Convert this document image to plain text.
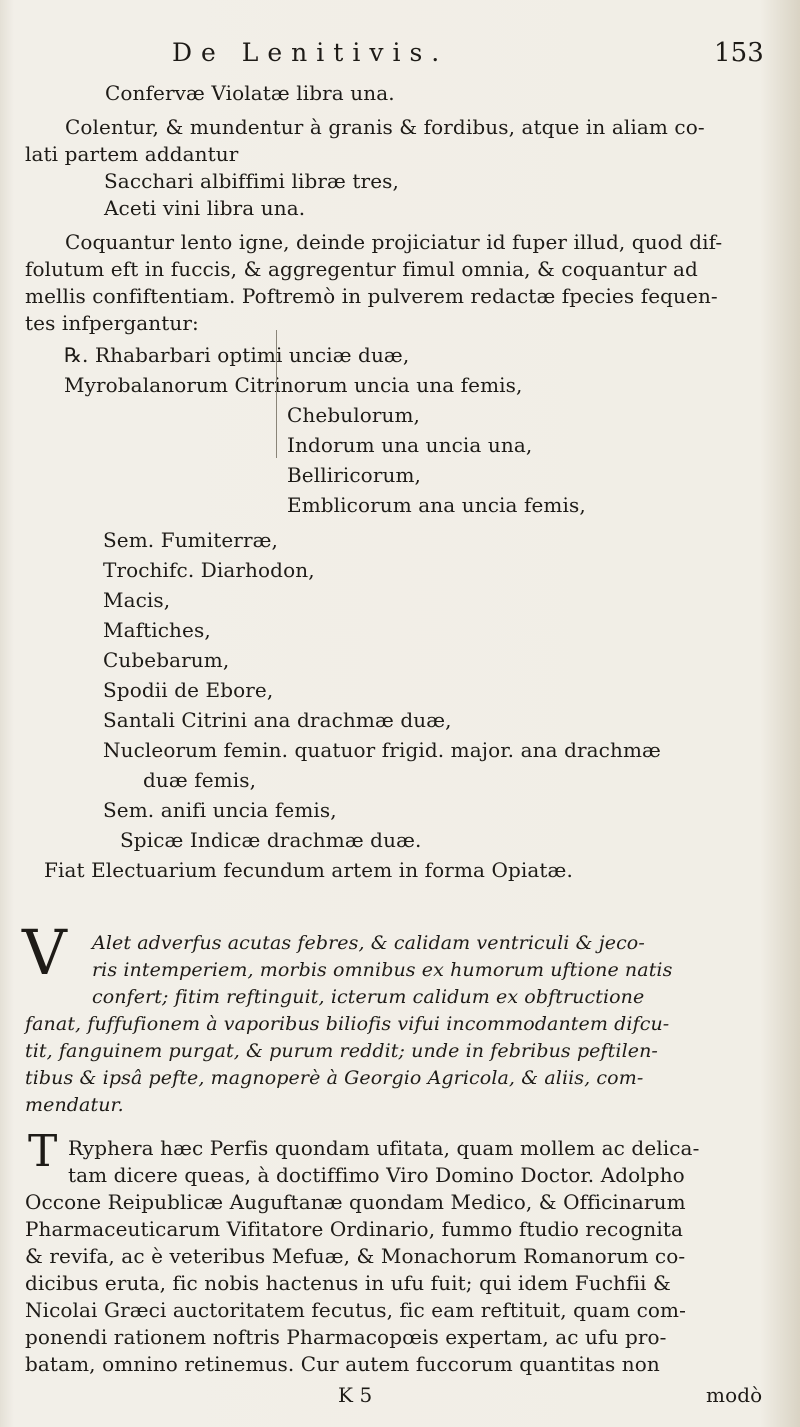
De Lenitivis.	153
Confervæ Violatæ libra una.
Colentur, & mundentur à granis & fordibus, atque in aliam co-
lati partem addantur
Sacchari albiffimi libræ tres,
Aceti vini libra una.
Coquantur lento igne, deinde projiciatur id fuper illud, quod dif-
folutum eft in fuccis, & aggregentur fimul omnia, & coquantur ad
mellis confiftentiam. Poftremò in pulverem redactæ fpecies fequen-
tes infpergantur:
℞. Rhabarbari optimi unciæ duæ,
Myrobalanorum Citrinorum uncia una femis,
Chebulorum,
Indorum una uncia una,
Belliricorum,
Emblicorum ana uncia femis,
Sem. Fumiterræ,
Trochifc. Diarhodon,
Macis,
Maftiches,
Cubebarum,
Spodii de Ebore,
Santali Citrini ana drachmæ duæ,
Nucleorum femin. quatuor frigid. major. ana drachmæ
duæ femis,
Sem. anifi uncia femis,
Spicæ Indicæ drachmæ duæ.
Fiat Electuarium fecundum artem in forma Opiatæ.
V Alet adverfus acutas febres, & calidam ventriculi & jeco-
ris intemperiem, morbis omnibus ex humorum uftione natis
confert; fitim reftinguit, icterum calidum ex obftructione
fanat, fuffufionem à vaporibus biliofis vifui incommodantem difcu-
tit, fanguinem purgat, & purum reddit; unde in febribus peftilen-
tibus & ipsâ pefte, magnoperè à Georgio Agricola, & aliis, com-
mendatur.
T Ryphera hæc Perfis quondam ufitata, quam mollem ac delica-
tam dicere queas, à doctiffimo Viro Domino Doctor. Adolpho
Occone Reipublicæ Auguftanæ quondam Medico, & Officinarum
Pharmaceuticarum Vifitatore Ordinario, fummo ftudio recognita
& revifa, ac è veteribus Mefuæ, & Monachorum Romanorum co-
dicibus eruta, fic nobis hactenus in ufu fuit; qui idem Fuchfii &
Nicolai Græci auctoritatem fecutus, fic eam reftituit, quam com-
ponendi rationem noftris Pharmacopœis expertam, ac ufu pro-
batam, omnino retinemus. Cur autem fuccorum quantitas non
K 5	modò
